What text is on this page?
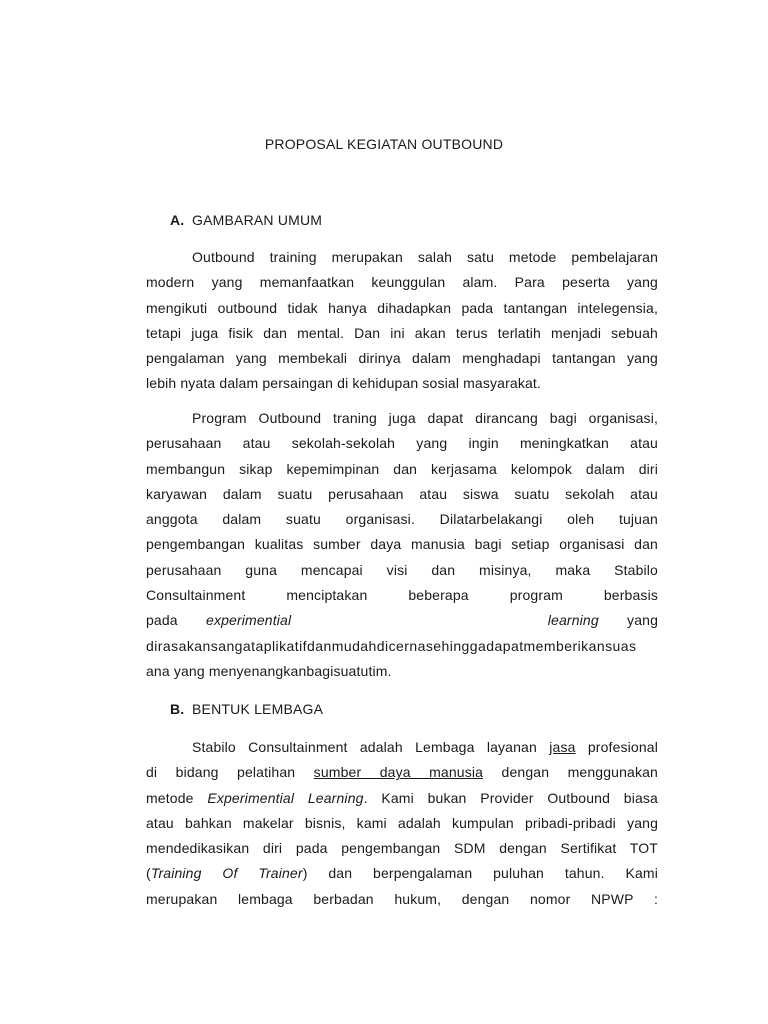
PROPOSAL KEGIATAN OUTBOUND
A. GAMBARAN UMUM
Outbound training merupakan salah satu metode pembelajaran
modern yang memanfaatkan keunggulan alam. Para peserta yang
mengikuti outbound tidak hanya dihadapkan pada tantangan intelegensia,
tetapi juga fisik dan mental. Dan ini akan terus terlatih menjadi sebuah
pengalaman yang membekali dirinya dalam menghadapi tantangan yang
lebih nyata dalam persaingan di kehidupan sosial masyarakat.
Program Outbound traning juga dapat dirancang bagi organisasi,
perusahaan atau sekolah-sekolah yang ingin meningkatkan atau
membangun sikap kepemimpinan dan kerjasama kelompok dalam diri
karyawan dalam suatu perusahaan atau siswa suatu sekolah atau
anggota dalam suatu organisasi. Dilatarbelakangi oleh tujuan
pengembangan kualitas sumber daya manusia bagi setiap organisasi dan
perusahaan guna mencapai visi dan misinya, maka Stabilo
Consultainment menciptakan beberapa program berbasis
pada experimential	learning yang
dirasakansangataplikatifdanmudahdicernasehinggadapatmemberikansuas
ana yang menyenangkanbagisuatutim.
B. BENTUK LEMBAGA
Stabilo Consultainment adalah Lembaga layanan jasa profesional
di bidang pelatihan sumber daya manusia dengan menggunakan
metode Experimential Learning. Kami bukan Provider Outbound biasa
atau bahkan makelar bisnis, kami adalah kumpulan pribadi-pribadi yang
mendedikasikan diri pada pengembangan SDM dengan Sertifikat TOT
(Training Of Trainer) dan berpengalaman puluhan tahun. Kami
merupakan lembaga berbadan hukum, dengan nomor NPWP :
